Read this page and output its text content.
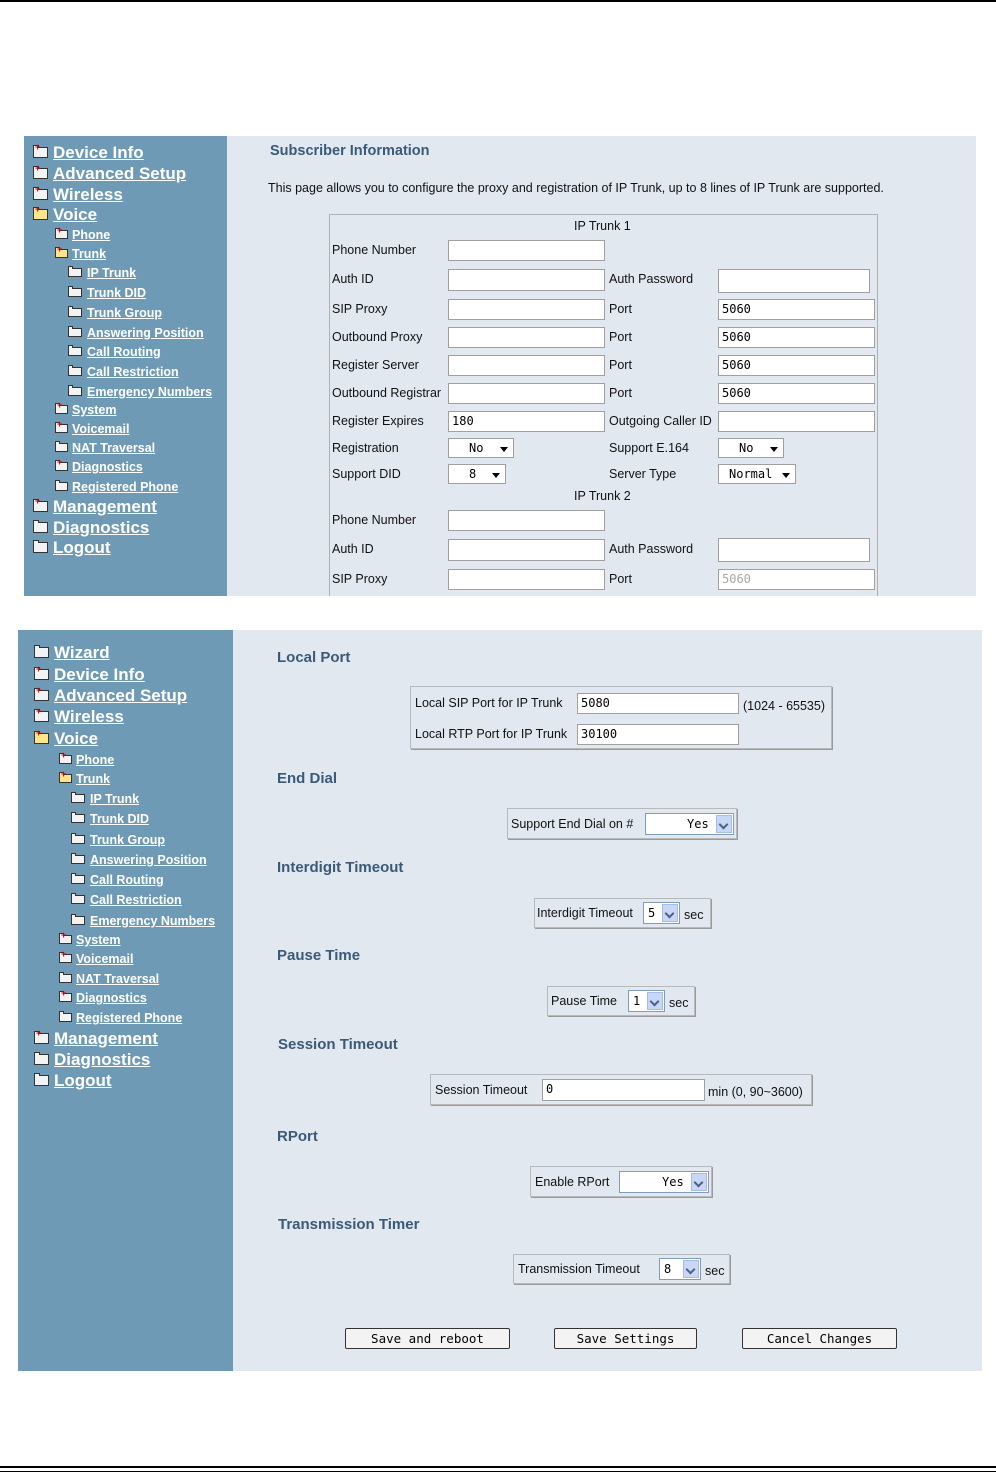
+Device Info
+Advanced Setup
+Wireless
+Voice
+Phone
+Trunk
IP Trunk
Trunk DID
Trunk Group
Answering Position
Call Routing
Call Restriction
Emergency Numbers
+System
+Voicemail
NAT Traversal
+Diagnostics
Registered Phone
+Management
Diagnostics
Logout
Subscriber Information
This page allows you to configure the proxy and registration of IP Trunk, up to 8 lines of IP Trunk are supported.
IP Trunk 1
Phone Number
Auth ID	Auth Password
SIP Proxy	Port	5060
Outbound Proxy	Port	5060
Register Server	Port	5060
Outbound Registrar	Port	5060
Register Expires	180	Outgoing Caller ID
Registration	No	Support E.164	No
Support DID	8	Server Type	Normal
IP Trunk 2
Phone Number
Auth ID	Auth Password
SIP Proxy	Port	5060
Wizard
+Device Info
+Advanced Setup
+Wireless
+Voice
+Phone
+Trunk
IP Trunk
Trunk DID
Trunk Group
Answering Position
Call Routing
Call Restriction
Emergency Numbers
+System
+Voicemail
NAT Traversal
+Diagnostics
Registered Phone
+Management
Diagnostics
Logout
Local Port
Local SIP Port for IP Trunk	5080	(1024 - 65535)
Local RTP Port for IP Trunk	30100
End Dial
Support End Dial on #	Yes
Interdigit Timeout
Interdigit Timeout 5 sec
Pause Time
Pause Time 1 sec
Session Timeout
Session Timeout	0	min (0, 90~3600)
RPort
Enable RPort	Yes
Transmission Timer
Transmission Timeout 8	sec
Save and reboot	Save Settings	Cancel Changes
